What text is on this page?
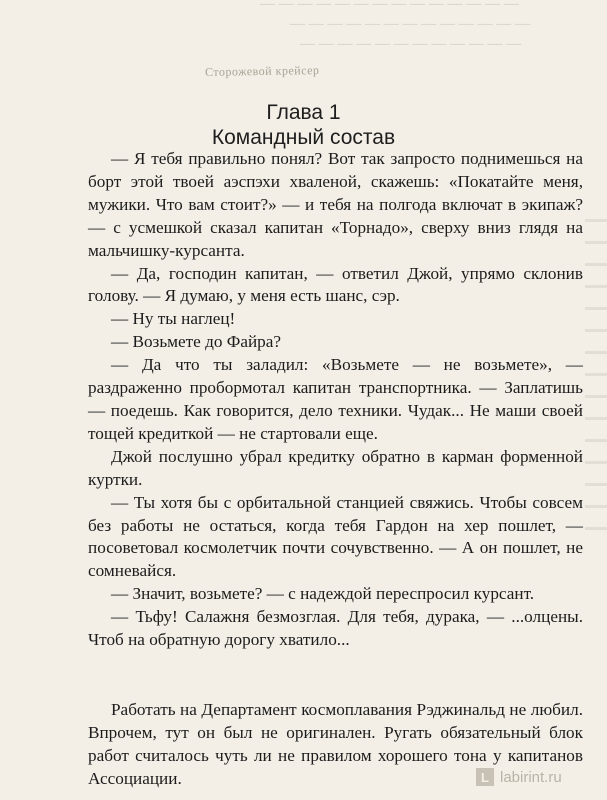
— — — — — — — — — — — — — —
— — — — — — — — — — — — —
— — — — — — — — — — — —
Сторожевой крейсер
Глава 1
Командный состав

— Я тебя правильно понял? Вот так запросто поднимешься на борт этой твоей аэспэхи хваленой, скажешь: «Покатайте меня, мужики. Что вам стоит?» — и тебя на полгода включат в экипаж? — с усмешкой сказал капитан «Торнадо», сверху вниз глядя на мальчишку-курсанта.

— Да, господин капитан, — ответил Джой, упрямо склонив голову. — Я думаю, у меня есть шанс, сэр.

— Ну ты наглец!

— Возьмете до Файра?

— Да что ты заладил: «Возьмете — не возьмете», — раздраженно пробормотал капитан транспортника. — Заплатишь — поедешь. Как говорится, дело техники. Чудак... Не маши своей тощей кредиткой — не стартовали еще.

Джой послушно убрал кредитку обратно в карман форменной куртки.

— Ты хотя бы с орбитальной станцией свяжись. Чтобы совсем без работы не остаться, когда тебя Гардон на хер пошлет, — посоветовал космолетчик почти сочувственно. — А он пошлет, не сомневайся.

— Значит, возьмете? — с надеждой переспросил курсант.

— Тьфу! Салажня безмозглая. Для тебя, дурака, — ...олцены. Чтоб на обратную дорогу хватило...

Работать на Департамент космоплавания Рэджинальд не любил. Впрочем, тут он был не оригинален. Ругать обязательный блок работ считалось чуть ли не правилом хорошего тона у капитанов Ассоциации.	L labirint.ru
